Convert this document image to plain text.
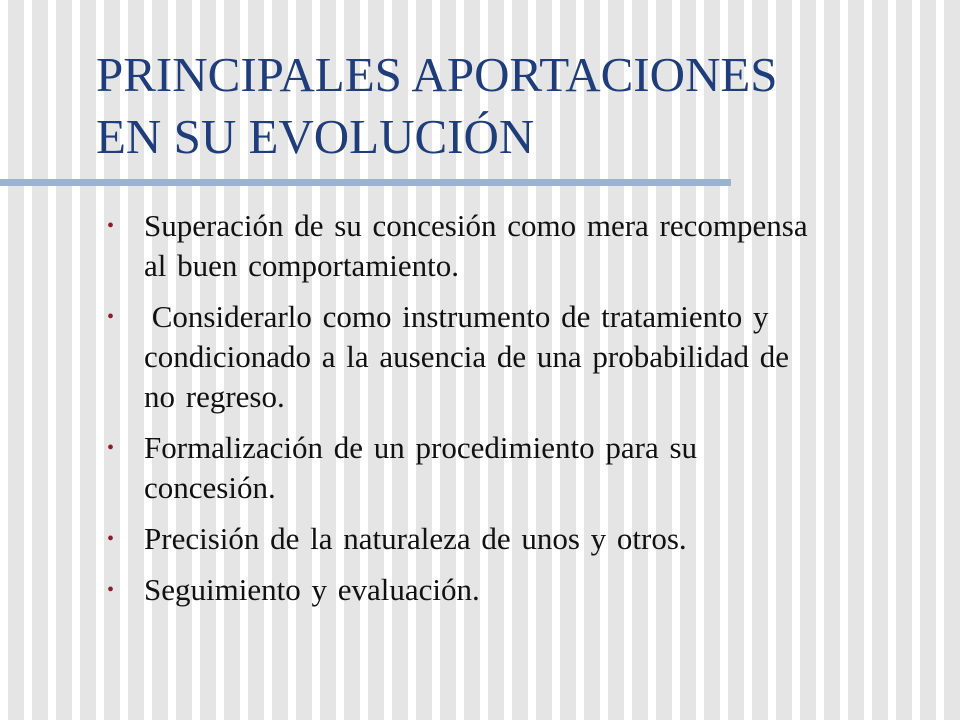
PRINCIPALES APORTACIONES
EN SU EVOLUCIÓN
• Superación de su concesión como mera recompensa
al buen comportamiento.
• Considerarlo como instrumento de tratamiento y
condicionado a la ausencia de una probabilidad de
no regreso.
• Formalización de un procedimiento para su
concesión.
• Precisión de la naturaleza de unos y otros.
• Seguimiento y evaluación.
